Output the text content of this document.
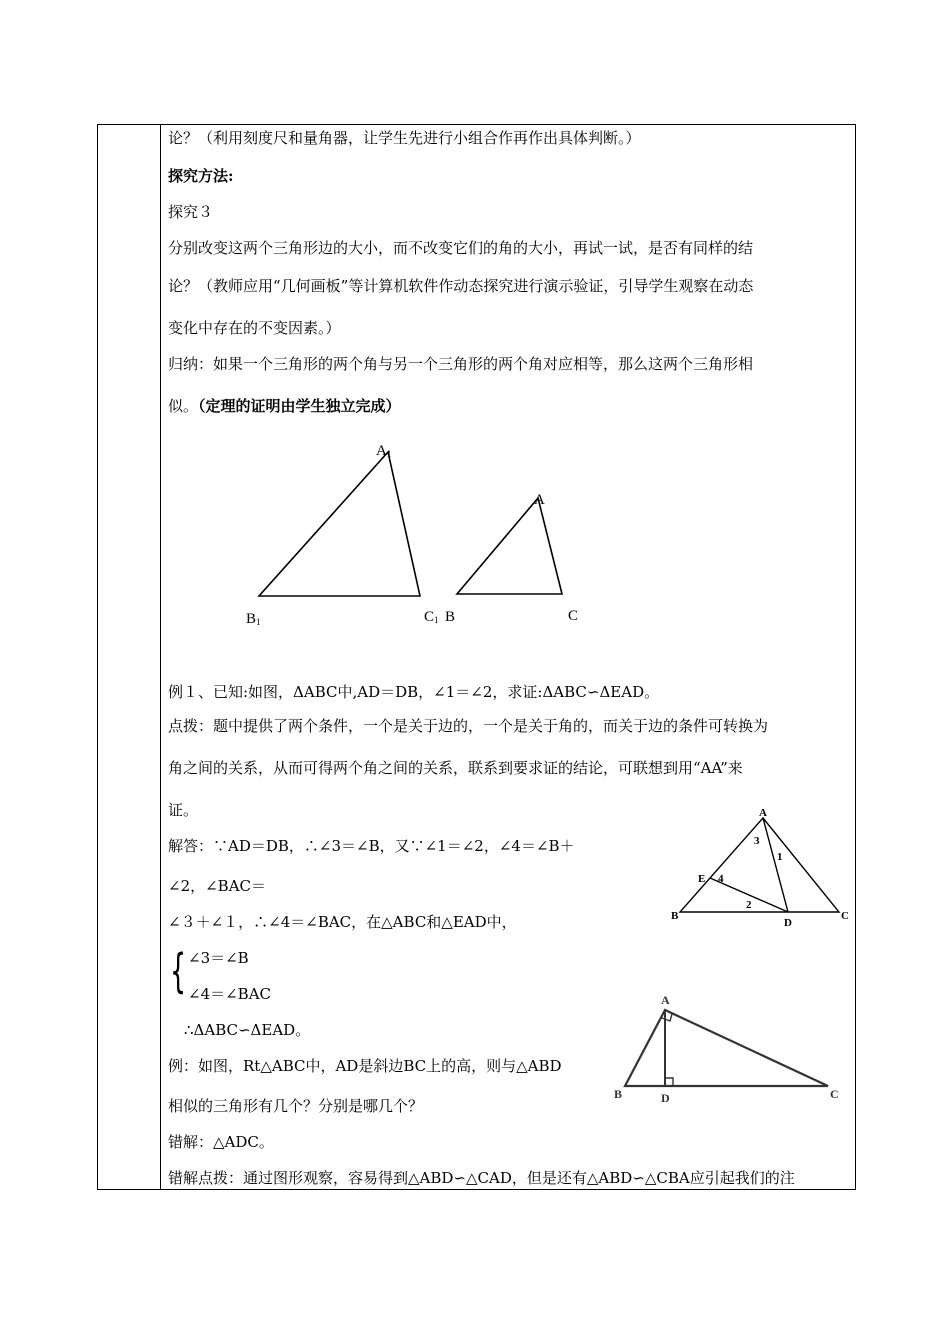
论？（利用刻度尺和量角器，让学生先进行小组合作再作出具体判断。）
探究方法:
探究３
分别改变这两个三角形边的大小，而不改变它们的角的大小，再试一试，是否有同样的结
论？（教师应用“几何画板”等计算机软件作动态探究进行演示验证，引导学生观察在动态
变化中存在的不变因素。）
归纳：如果一个三角形的两个角与另一个三角形的两个角对应相等，那么这两个三角形相
似。（定理的证明由学生独立完成）
A1
B1	C1
A
B	C
例１、已知:如图，ΔABC中,AD＝DB，∠1＝∠2，求证:ΔABC∽ΔEAD。
点拨：题中提供了两个条件，一个是关于边的，一个是关于角的，而关于边的条件可转换为
角之间的关系，从而可得两个角之间的关系，联系到要求证的结论，可联想到用“AA”来
证。
解答：∵AD＝DB，∴∠3＝∠B，又∵∠1＝∠2，∠4＝∠B＋
∠2，∠BAC＝
∠３＋∠１，∴∠4＝∠BAC，在△ABC和△EAD中，
{ ∠3＝∠B
∠4＝∠BAC
∴ΔABC∽ΔEAD。
A
B	C
D
E
1
2
3
4
例：如图，Rt△ABC中，AD是斜边BC上的高，则与△ABD
相似的三角形有几个？分别是哪几个？
A
B	C
D
错解：△ADC。
错解点拨：通过图形观察，容易得到△ABD∽△CAD，但是还有△ABD∽△CBA应引起我们的注
